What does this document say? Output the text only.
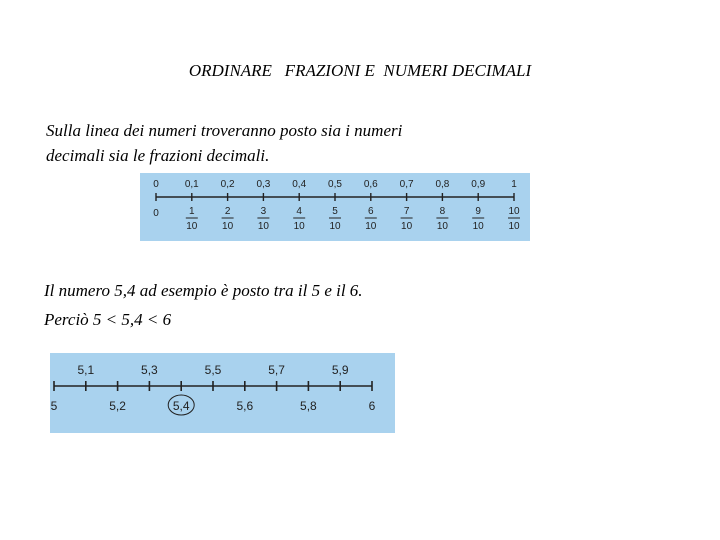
ORDINARE   FRAZIONI E  NUMERI DECIMALI
Sulla linea dei numeri troveranno posto sia i numeri
decimali sia le frazioni decimali.
0
0
0,1
1
10
0,2
2
10
0,3
3
10
0,4
4
10
0,5
5
10
0,6
6
10
0,7
7
10
0,8
8
10
0,9
9
10
1
10
10
Il numero 5,4 ad esempio è posto tra il 5 e il 6.
Perciò 5 < 5,4 < 6
5,1	5,3	5,5	5,7	5,9
5	5,2	5,4	5,6	5,8	6
